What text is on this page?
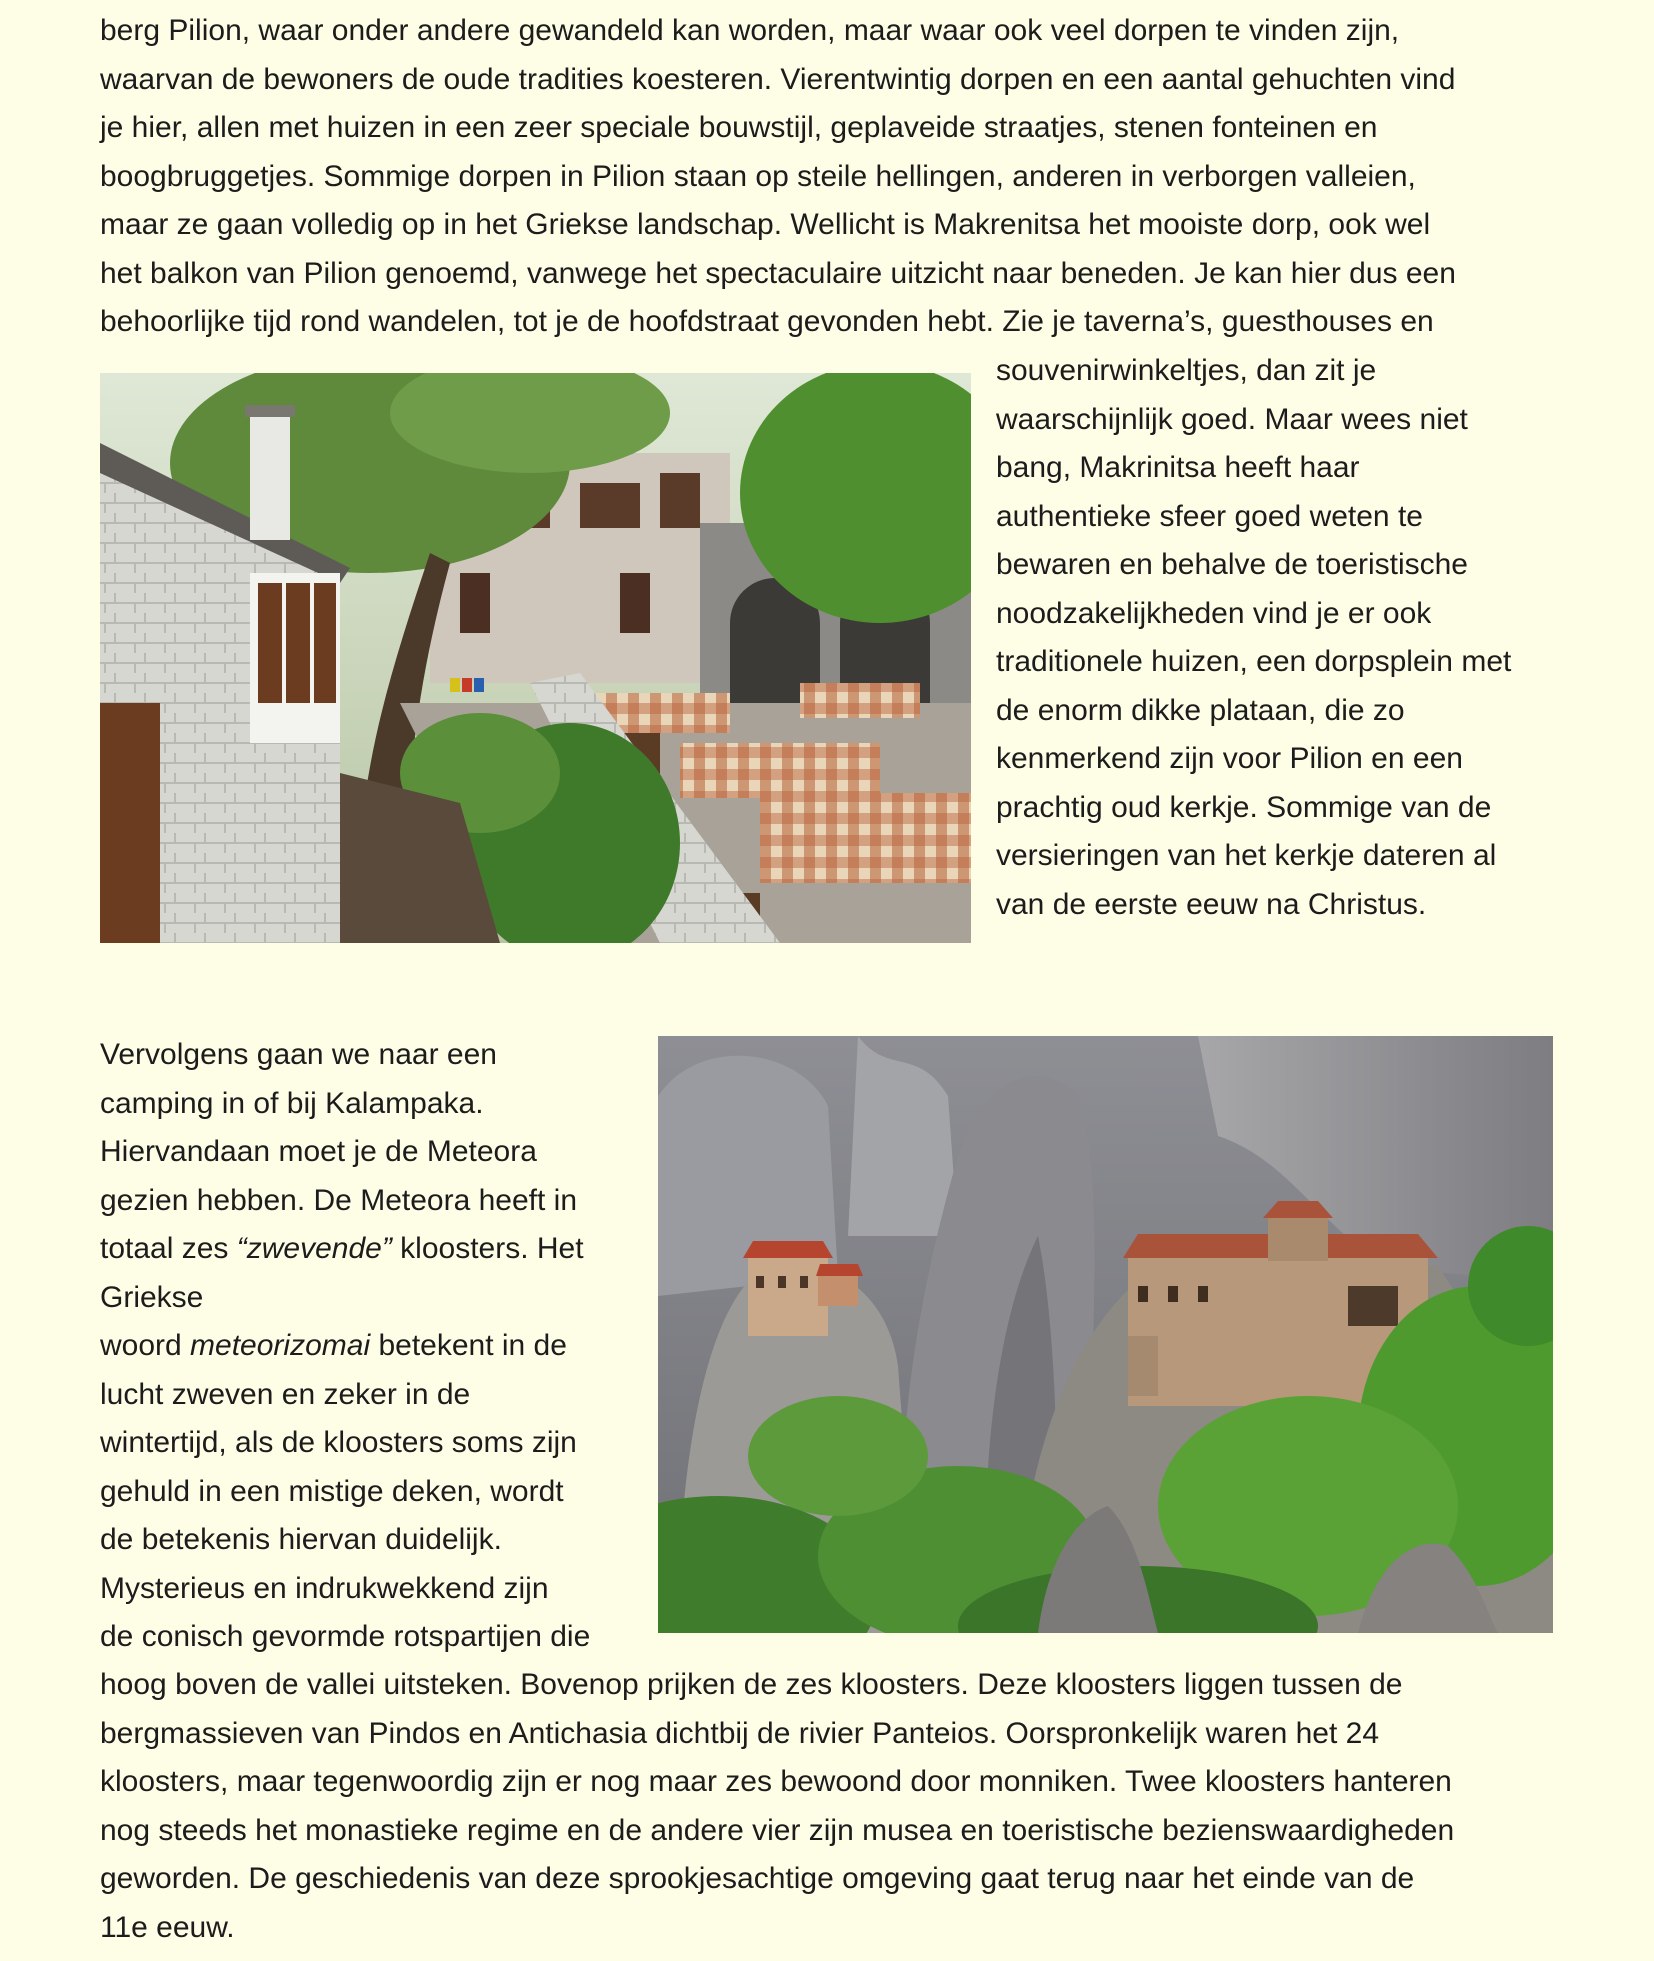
berg Pilion, waar onder andere gewandeld kan worden, maar waar ook veel dorpen te vinden zijn,
waarvan de bewoners de oude tradities koesteren. Vierentwintig dorpen en een aantal gehuchten vind
je hier, allen met huizen in een zeer speciale bouwstijl, geplaveide straatjes, stenen fonteinen en
boogbruggetjes. Sommige dorpen in Pilion staan op steile hellingen, anderen in verborgen valleien,
maar ze gaan volledig op in het Griekse landschap. Wellicht is Makrenitsa het mooiste dorp, ook wel
het balkon van Pilion genoemd, vanwege het spectaculaire uitzicht naar beneden. Je kan hier dus een
behoorlijke tijd rond wandelen, tot je de hoofdstraat gevonden hebt. Zie je taverna’s, guesthouses en
souvenirwinkeltjes, dan zit je
waarschijnlijk goed. Maar wees niet
bang, Makrinitsa heeft haar
authentieke sfeer goed weten te
bewaren en behalve de toeristische
noodzakelijkheden vind je er ook
traditionele huizen, een dorpsplein met
de enorm dikke plataan, die zo
kenmerkend zijn voor Pilion en een
prachtig oud kerkje. Sommige van de
versieringen van het kerkje dateren al
van de eerste eeuw na Christus.
Vervolgens gaan we naar een
camping in of bij Kalampaka.
Hiervandaan moet je de Meteora
gezien hebben. De Meteora heeft in
totaal zes “zwevende” kloosters. Het
Griekse
woord meteorizomai betekent in de
lucht zweven en zeker in de
wintertijd, als de kloosters soms zijn
gehuld in een mistige deken, wordt
de betekenis hiervan duidelijk.
Mysterieus en indrukwekkend zijn
de conisch gevormde rotspartijen die
hoog boven de vallei uitsteken. Bovenop prijken de zes kloosters. Deze kloosters liggen tussen de
bergmassieven van Pindos en Antichasia dichtbij de rivier Panteios. Oorspronkelijk waren het 24
kloosters, maar tegenwoordig zijn er nog maar zes bewoond door monniken. Twee kloosters hanteren
nog steeds het monastieke regime en de andere vier zijn musea en toeristische bezienswaardigheden
geworden. De geschiedenis van deze sprookjesachtige omgeving gaat terug naar het einde van de
11e eeuw.
